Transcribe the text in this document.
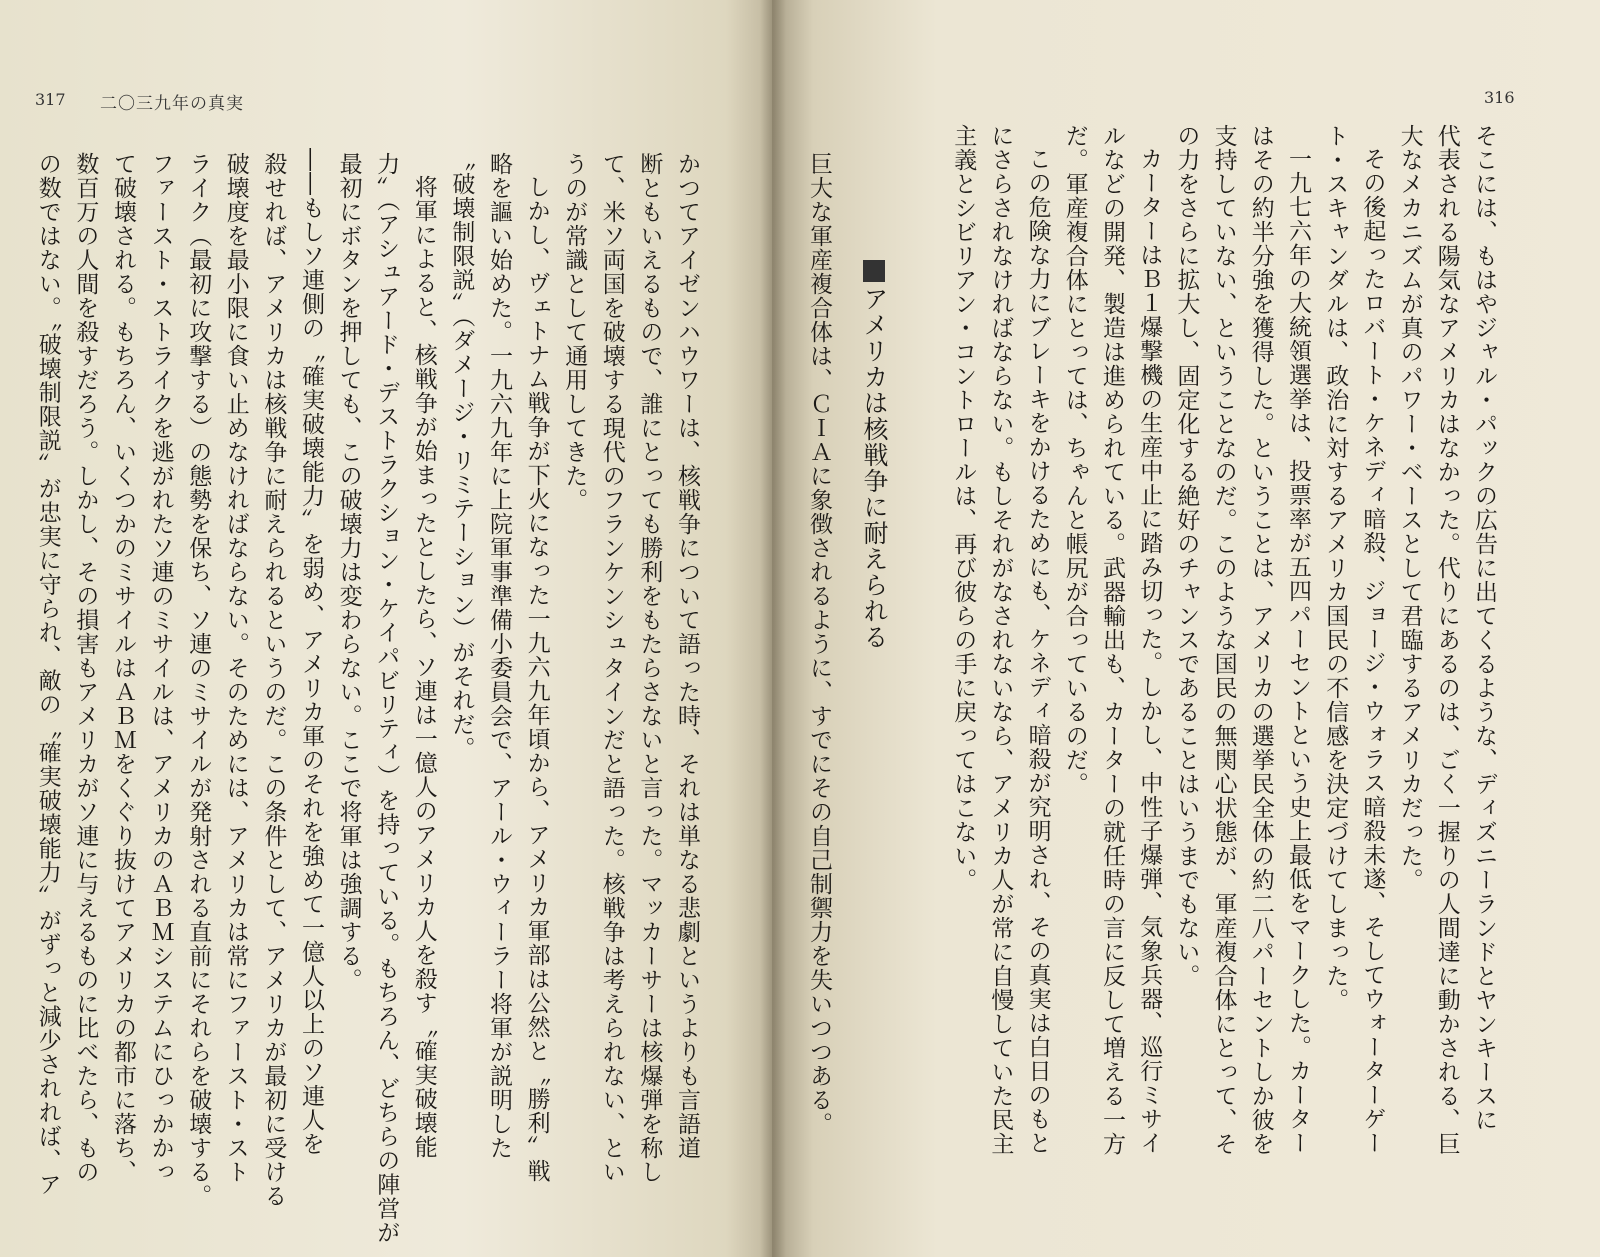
317 二〇三九年の真実
かつてアイゼンハウワーは、核戦争について語った時、それは単なる悲劇というよりも言語道
断ともいえるもので、誰にとっても勝利をもたらさないと言った。マッカーサーは核爆弾を称し
て、米ソ両国を破壊する現代のフランケンシュタインだと語った。核戦争は考えられない、とい
うのが常識として通用してきた。
しかし、ヴェトナム戦争が下火になった一九六九年頃から、アメリカ軍部は公然と〝勝利〞戦
略を謳い始めた。一九六九年に上院軍事準備小委員会で、アール・ウィーラー将軍が説明した
〝破壊制限説〞（ダメージ・リミテーション）がそれだ。
将軍によると、核戦争が始まったとしたら、ソ連は一億人のアメリカ人を殺す〝確実破壊能
力〞（アシュアード・デストラクション・ケイパビリティ）を持っている。もちろん、どちらの陣営が
最初にボタンを押しても、この破壊力は変わらない。ここで将軍は強調する。
――もしソ連側の〝確実破壊能力〞を弱め、アメリカ軍のそれを強めて一億人以上のソ連人を
殺せれば、アメリカは核戦争に耐えられるというのだ。この条件として、アメリカが最初に受ける
破壊度を最小限に食い止めなければならない。そのためには、アメリカは常にファースト・スト
ライク（最初に攻撃する）の態勢を保ち、ソ連のミサイルが発射される直前にそれらを破壊する。
ファースト・ストライクを逃がれたソ連のミサイルは、アメリカのＡＢＭシステムにひっかかっ
て破壊される。もちろん、いくつかのミサイルはＡＢＭをくぐり抜けてアメリカの都市に落ち、
数百万の人間を殺すだろう。しかし、その損害もアメリカがソ連に与えるものに比べたら、もの
の数ではない。〝破壊制限説〞が忠実に守られ、敵の〝確実破壊能力〞がずっと減少されれば、ア
316
そこには、もはやジャル・パックの広告に出てくるような、ディズニーランドとヤンキースに
代表される陽気なアメリカはなかった。代りにあるのは、ごく一握りの人間達に動かされる、巨
大なメカニズムが真のパワー・ベースとして君臨するアメリカだった。
その後起ったロバート・ケネディ暗殺、ジョージ・ウォラス暗殺未遂、そしてウォーターゲー
ト・スキャンダルは、政治に対するアメリカ国民の不信感を決定づけてしまった。
一九七六年の大統領選挙は、投票率が五四パーセントという史上最低をマークした。カーター
はその約半分強を獲得した。ということは、アメリカの選挙民全体の約二八パーセントしか彼を
支持していない、ということなのだ。このような国民の無関心状態が、軍産複合体にとって、そ
の力をさらに拡大し、固定化する絶好のチャンスであることはいうまでもない。
カーターはＢ１爆撃機の生産中止に踏み切った。しかし、中性子爆弾、気象兵器、巡行ミサイ
ルなどの開発、製造は進められている。武器輸出も、カーターの就任時の言に反して増える一方
だ。軍産複合体にとっては、ちゃんと帳尻が合っているのだ。
この危険な力にブレーキをかけるためにも、ケネディ暗殺が究明され、その真実は白日のもと
にさらされなければならない。もしそれがなされないなら、アメリカ人が常に自慢していた民主
主義とシビリアン・コントロールは、再び彼らの手に戻ってはこない。
巨大な軍産複合体は、ＣＩＡに象徴されるように、すでにその自己制禦力を失いつつある。 アメリカは核戦争に耐えられる
